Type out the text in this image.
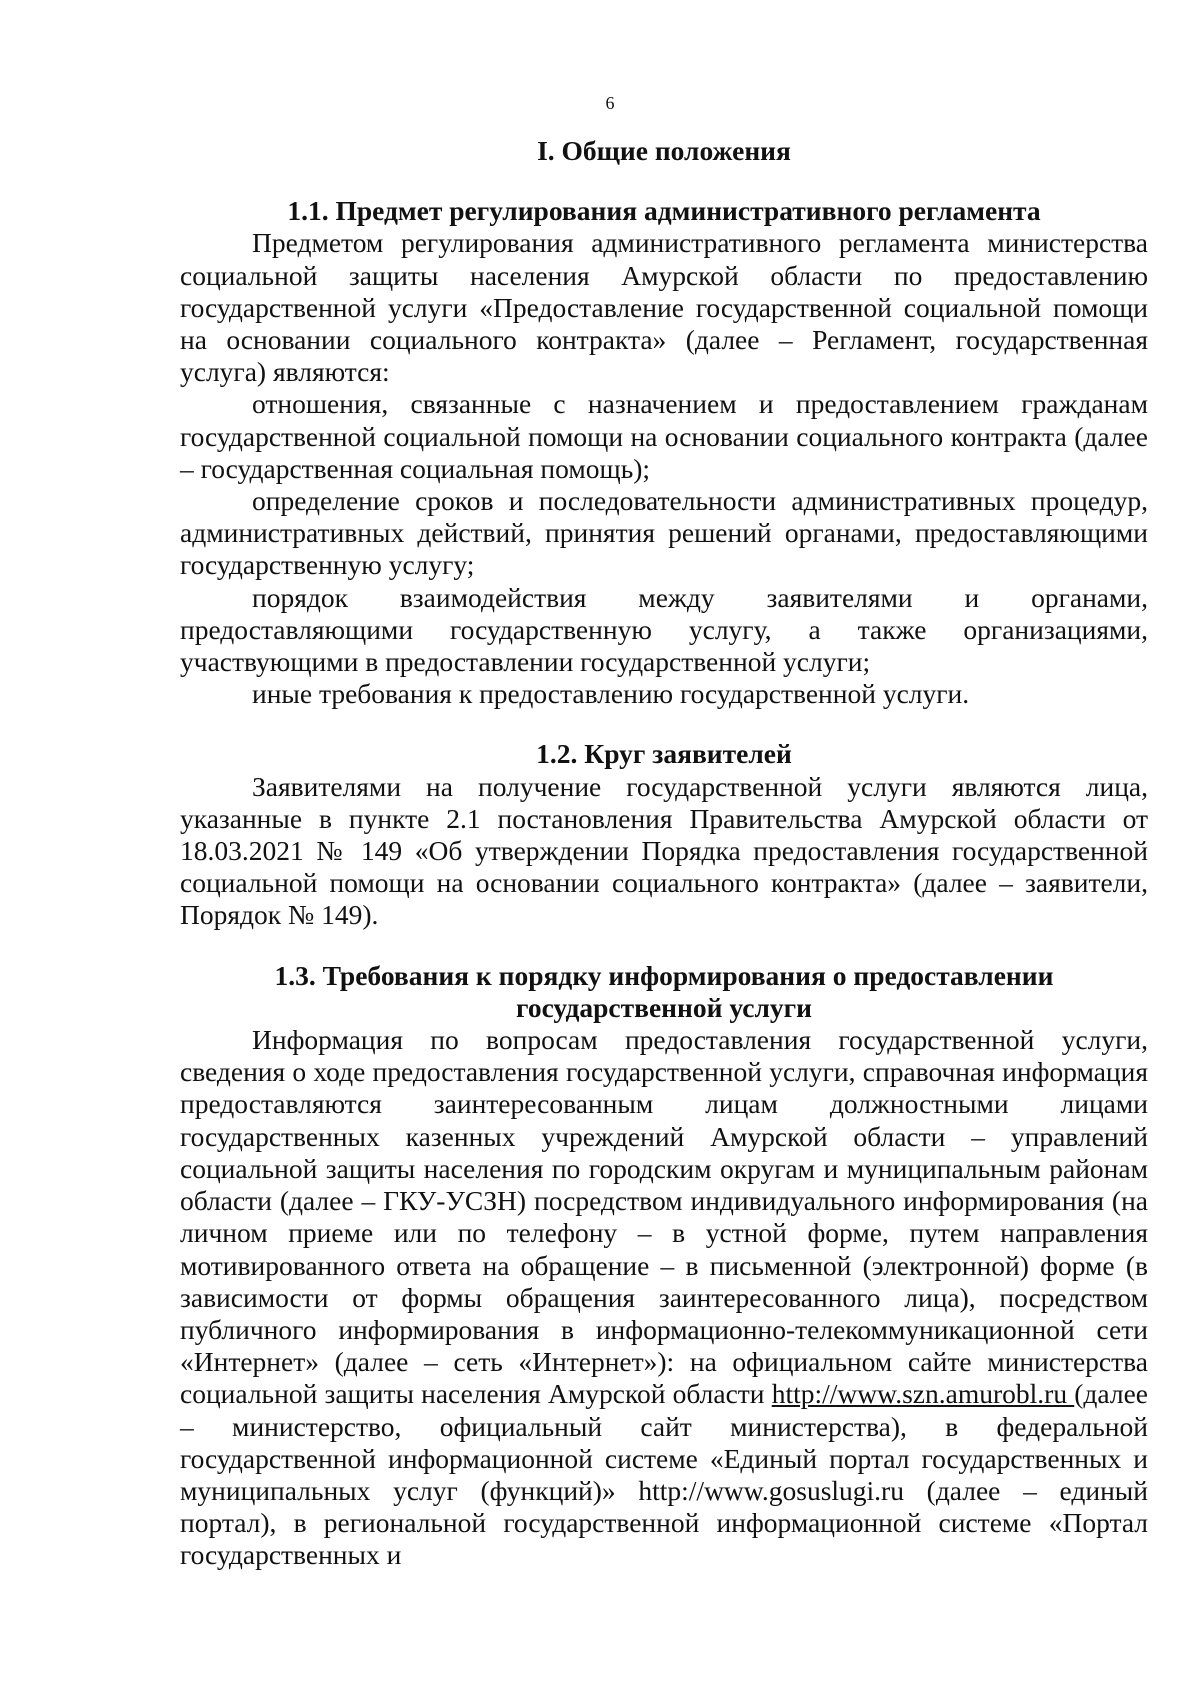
6
I. Общие положения
1.1. Предмет регулирования административного регламента

Предметом регулирования административного регламента министерства социальной защиты населения Амурской области по предоставлению государственной услуги «Предоставление государственной социальной помощи на основании социального контракта» (далее – Регламент, государственная услуга) являются:

отношения, связанные с назначением и предоставлением гражданам государственной социальной помощи на основании социального контракта (далее – государственная социальная помощь);

определение сроков и последовательности административных процедур, административных действий, принятия решений органами, предоставляющими государственную услугу;

порядок взаимодействия между заявителями и органами, предоставляющими государственную услугу, а также организациями, участвующими в предоставлении государственной услуги;

иные требования к предоставлению государственной услуги.

1.2. Круг заявителей

Заявителями на получение государственной услуги являются лица, указанные в пункте 2.1 постановления Правительства Амурской области от 18.03.2021 № 149 «Об утверждении Порядка предоставления государственной социальной помощи на основании социального контракта» (далее – заявители, Порядок № 149).

1.3. Требования к порядку информирования о предоставлении
государственной услуги

Информация по вопросам предоставления государственной услуги, сведения о ходе предоставления государственной услуги, справочная информация предоставляются заинтересованным лицам должностными лицами государственных казенных учреждений Амурской области – управлений социальной защиты населения по городским округам и муниципальным районам области (далее – ГКУ-УСЗН) посредством индивидуального информирования (на личном приеме или по телефону – в устной форме, путем направления мотивированного ответа на обращение – в письменной (электронной) форме (в зависимости от формы обращения заинтересованного лица), посредством публичного информирования в информационно-телекоммуникационной сети «Интернет» (далее – сеть «Интернет»): на официальном сайте министерства социальной защиты населения Амурской области http://www.szn.amurobl.ru (далее – министерство, официальный сайт министерства), в федеральной государственной информационной системе «Единый портал государственных и муниципальных услуг (функций)» http://www.gosuslugi.ru (далее – единый портал), в региональной государственной информационной системе «Портал государственных и
